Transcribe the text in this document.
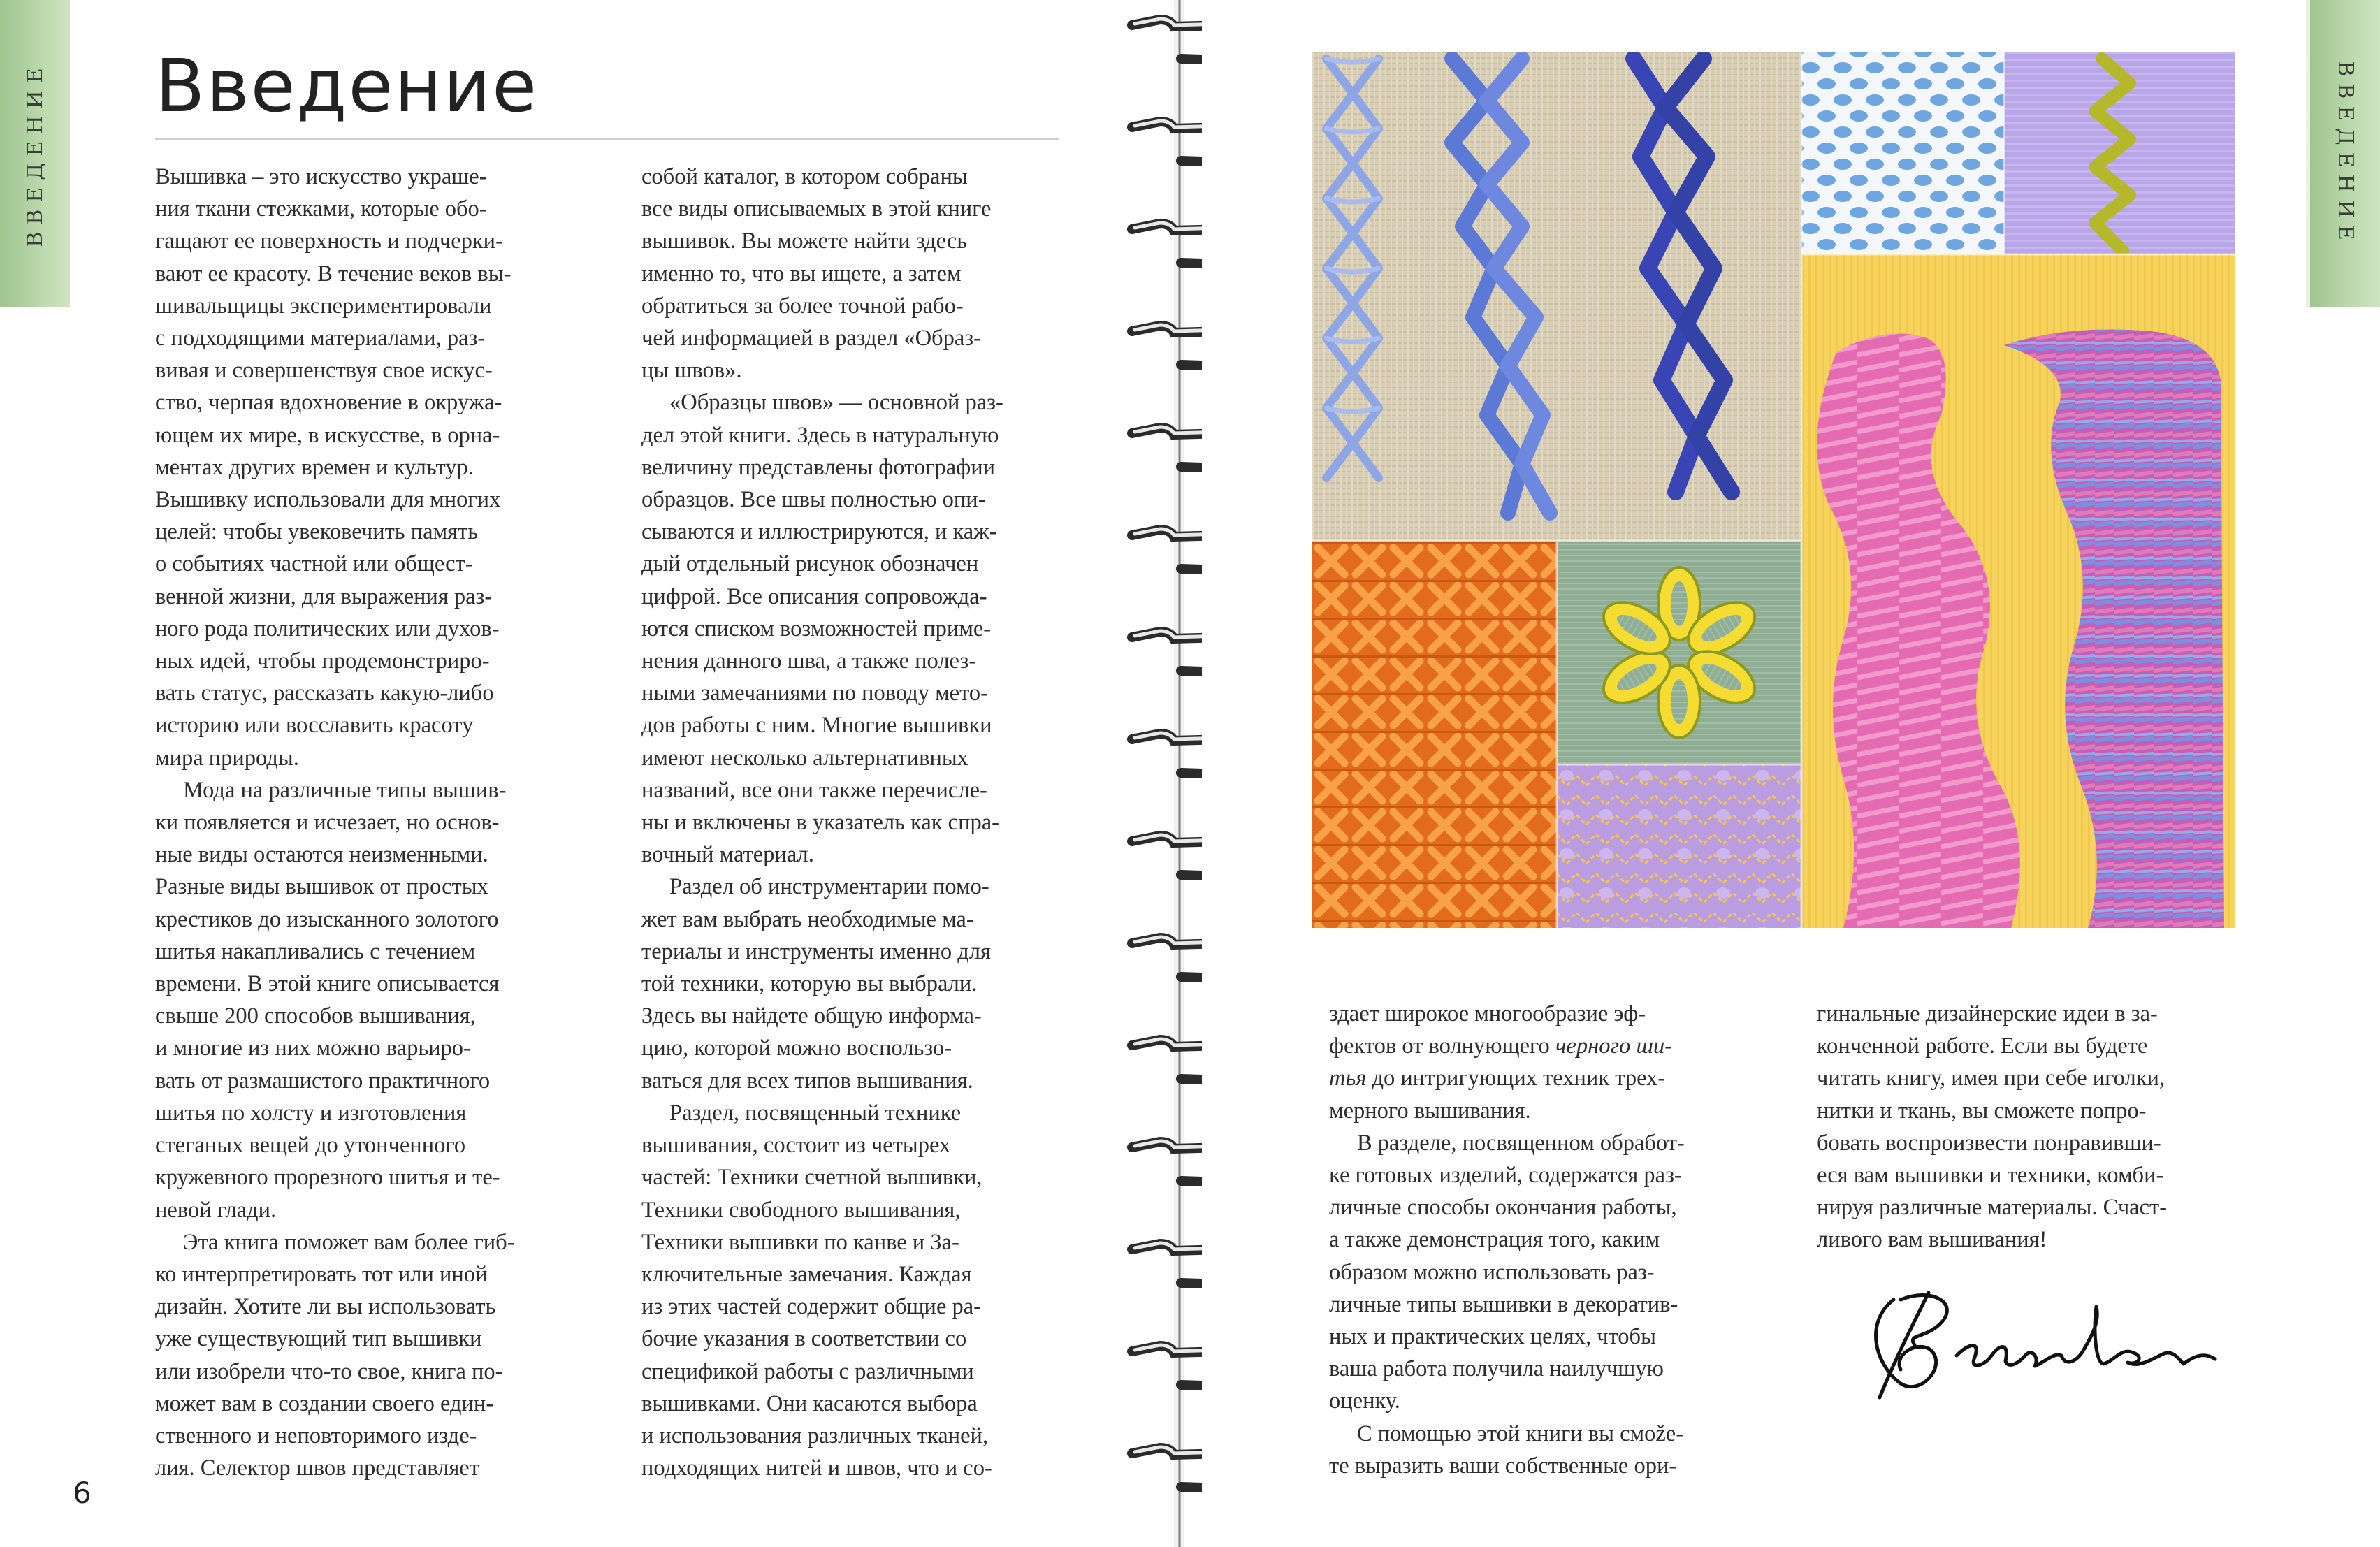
ВВЕДЕНИЕ Введение

Вышивка – это искусство украше-
ния ткани стежками, которые обо-
гащают ее поверхность и подчерки-
вают ее красоту. В течение веков вы-
шивальщицы экспериментировали
с подходящими материалами, раз-
вивая и совершенствуя свое искус-
ство, черпая вдохновение в окружа-
ющем их мире, в искусстве, в орна-
ментах других времен и культур.
Вышивку использовали для многих
целей: чтобы увековечить память
о событиях частной или общест-
венной жизни, для выражения раз-
ного рода политических или духов-
ных идей, чтобы продемонстриро-
вать статус, рассказать какую-либо
историю или восславить красоту
мира природы.

Мода на различные типы вышив-
ки появляется и исчезает, но основ-
ные виды остаются неизменными.
Разные виды вышивок от простых
крестиков до изысканного золотого
шитья накапливались с течением
времени. В этой книге описывается
свыше 200 способов вышивания,
и многие из них можно варьиро-
вать от размашистого практичного
шитья по холсту и изготовления
стеганых вещей до утонченного
кружевного прорезного шитья и те-
невой глади.

Эта книга поможет вам более гиб-
ко интерпретировать тот или иной
дизайн. Хотите ли вы использовать
уже существующий тип вышивки
или изобрели что-то свое, книга по-
может вам в создании своего един-
ственного и неповторимого изде-
лия. Селектор швов представляет

собой каталог, в котором собраны
все виды описываемых в этой книге
вышивок. Вы можете найти здесь
именно то, что вы ищете, а затем
обратиться за более точной рабо-
чей информацией в раздел «Образ-
цы швов».

«Образцы швов» — основной раз-
дел этой книги. Здесь в натуральную
величину представлены фотографии
образцов. Все швы полностью опи-
сываются и иллюстрируются, и каж-
дый отдельный рисунок обозначен
цифрой. Все описания сопровожда-
ются списком возможностей приме-
нения данного шва, а также полез-
ными замечаниями по поводу мето-
дов работы с ним. Многие вышивки
имеют несколько альтернативных
названий, все они также перечисле-
ны и включены в указатель как спра-
вочный материал.

Раздел об инструментарии помо-
жет вам выбрать необходимые ма-
териалы и инструменты именно для
той техники, которую вы выбрали.
Здесь вы найдете общую информа-
цию, которой можно воспользо-
ваться для всех типов вышивания.

Раздел, посвященный технике
вышивания, состоит из четырех
частей: Техники счетной вышивки,
Техники свободного вышивания,
Техники вышивки по канве и За-
ключительные замечания. Каждая
из этих частей содержит общие ра-
бочие указания в соответствии со
спецификой работы с различными
вышивками. Они касаются выбора
и использования различных тканей,
подходящих нитей и швов, что и со-

6
ВВЕДЕНИЕ

здает широкое многообразие эф-
фектов от волнующего черного ши-
тья до интригующих техник трех-
мерного вышивания.

В разделе, посвященном обработ-
ке готовых изделий, содержатся раз-
личные способы окончания работы,
а также демонстрация того, каким
образом можно использовать раз-
личные типы вышивки в декоратив-
ных и практических целях, чтобы
ваша работа получила наилучшую
оценку.

С помощью этой книги вы смože-
те выразить ваши собственные ори-

гинальные дизайнерские идеи в за-
конченной работе. Если вы будете
читать книгу, имея при себе иголки,
нитки и ткань, вы сможете попро-
бовать воспроизвести понравивши-
еся вам вышивки и техники, комби-
нируя различные материалы. Счаст-
ливого вам вышивания!
